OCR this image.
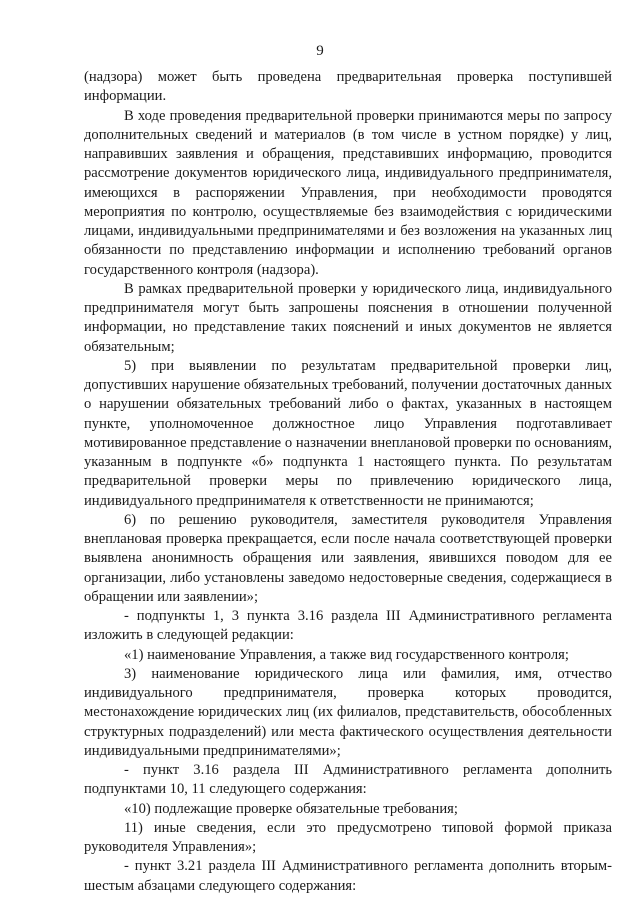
9

(надзора) может быть проведена предварительная проверка поступившей информации.

В ходе проведения предварительной проверки принимаются меры по запросу дополнительных сведений и материалов (в том числе в устном порядке) у лиц, направивших заявления и обращения, представивших информацию, проводится рассмотрение документов юридического лица, индивидуального предпринимателя, имеющихся в распоряжении Управления, при необходимости проводятся мероприятия по контролю, осуществляемые без взаимодействия с юридическими лицами, индивидуальными предпринимателями и без возложения на указанных лиц обязанности по представлению информации и исполнению требований органов государственного контроля (надзора).

В рамках предварительной проверки у юридического лица, индивидуального предпринимателя могут быть запрошены пояснения в отношении полученной информации, но представление таких пояснений и иных документов не является обязательным;

5) при выявлении по результатам предварительной проверки лиц, допустивших нарушение обязательных требований, получении достаточных данных о нарушении обязательных требований либо о фактах, указанных в настоящем пункте, уполномоченное должностное лицо Управления подготавливает мотивированное представление о назначении внеплановой проверки по основаниям, указанным в подпункте «б» подпункта 1 настоящего пункта. По результатам предварительной проверки меры по привлечению юридического лица, индивидуального предпринимателя к ответственности не принимаются;

6) по решению руководителя, заместителя руководителя Управления внеплановая проверка прекращается, если после начала соответствующей проверки выявлена анонимность обращения или заявления, явившихся поводом для ее организации, либо установлены заведомо недостоверные сведения, содержащиеся в обращении или заявлении»;

- подпункты 1, 3 пункта 3.16 раздела III Административного регламента изложить в следующей редакции:

«1) наименование Управления, а также вид государственного контроля;

3) наименование юридического лица или фамилия, имя, отчество индивидуального предпринимателя, проверка которых проводится, местонахождение юридических лиц (их филиалов, представительств, обособленных структурных подразделений) или места фактического осуществления деятельности индивидуальными предпринимателями»;

- пункт 3.16 раздела III Административного регламента дополнить подпунктами 10, 11 следующего содержания:

«10) подлежащие проверке обязательные требования;

11) иные сведения, если это предусмотрено типовой формой приказа руководителя Управления»;

- пункт 3.21 раздела III Административного регламента дополнить вторым-шестым абзацами следующего содержания:
